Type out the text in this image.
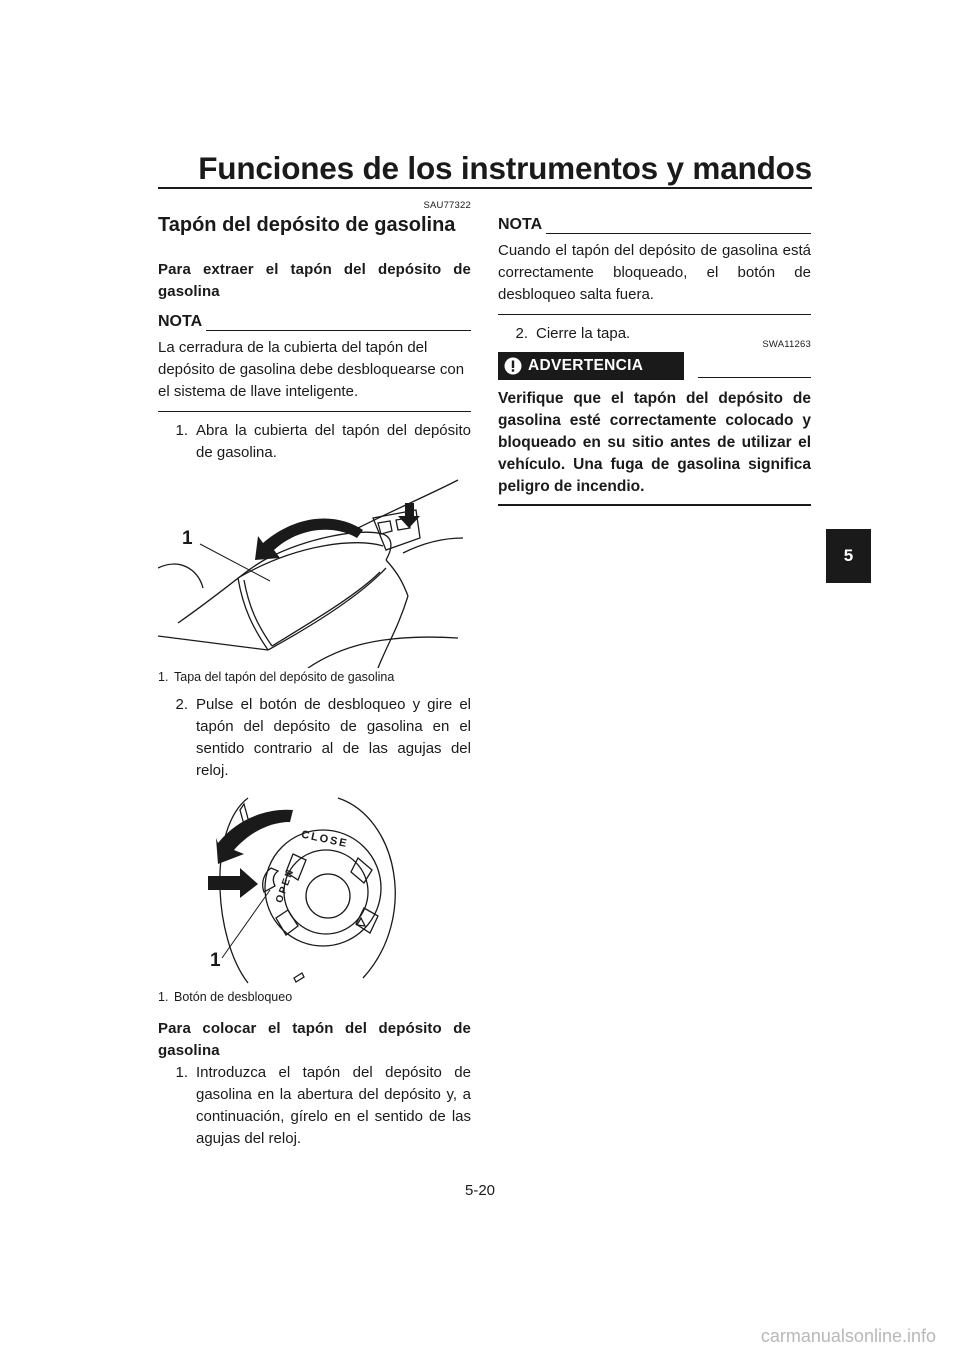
Funciones de los instrumentos y mandos
SAU77322
Tapón del depósito de gasolina
Para extraer el tapón del depósito de gasolina
NOTA
La cerradura de la cubierta del tapón del depósito de gasolina debe desbloquearse con el sistema de llave inteligente.
1. Abra la cubierta del tapón del depósito de gasolina.
1
1. Tapa del tapón del depósito de gasolina
2. Pulse el botón de desbloqueo y gire el tapón del depósito de gasolina en el sentido contrario al de las agujas del reloj.
CLOSE
OPEN
1
1. Botón de desbloqueo
Para colocar el tapón del depósito de gasolina
1. Introduzca el tapón del depósito de gasolina en la abertura del depósito y, a continuación, gírelo en el sentido de las agujas del reloj.
NOTA
Cuando el tapón del depósito de gasolina está correctamente bloqueado, el botón de desbloqueo salta fuera.
2. Cierre la tapa.
SWA11263
ADVERTENCIA
Verifique que el tapón del depósito de gasolina esté correctamente colocado y bloqueado en su sitio antes de utilizar el vehículo. Una fuga de gasolina significa peligro de incendio.
5
5-20
carmanualsonline.info
